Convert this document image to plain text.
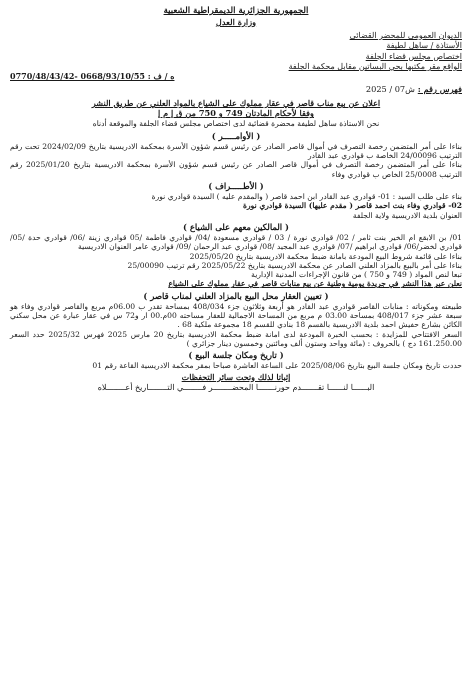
الجمهورية الجزائرية الديمقراطية الشعبية
وزارة العدل
الديوان العمومي للمحضر القضائي
الأستاذة / ساهل لطيفة
اختصاص مجلس قضاء الجلفة
الواقع مقر مكتبها بحي البساتين مقابل محكمة الجلفة
0770/48/43/42- 0668/93/10/55 : ه / ف
فهرس رقم : ش07 / 2025
اعلان عن بيع مناب قاصر في عقار مملوك على الشياع بالمواد العلني عن طريق النشر
وفقا لأحكام المادتان 749 و 750 من ق إ م إ
نحن الاستاذة ساهل لطيفة محضرة قضائية لدى اختصاص مجلس قضاء الجلفة والموقعة أدناه
( الأوامـــــر )
بناءا على أمر المتضمن رخصة التصرف في أموال قاصر الصادر عن رئيس قسم شؤون الأسرة بمحكمة الادريسية بتاريخ 2024/02/09 تحت رقم الترتيب 24/00096 الخاصة ب قوادري عبد القادر
بناءا على أمر المتضمن رخصة التصرف في أموال قاصر الصادر عن رئيس قسم شؤون الأسرة بمحكمة الادريسية بتاريخ 2025/01/20 رقم الترتيب 25/0008 الخاص ب قوادري وفاء
( الأطـــــراف )
بناء على طلب السيد : 01- قوادري عبد القادر ابن احمد قاصر ( والمقدم عليه ) السيدة قوادري نورة
02- قوادري وفاء بنت احمد قاصر ( مقدم عليها) السيدة قوادري نورة
العنوان بلدية الادريسية ولاية الجلفة
( المالكين معهم على الشياع )
01/ بن الابقع ام الخير بنت ثامر / 02/ قوادري نورة / 03 / قوادري مسعودة /04/ قوادري فاطمة /05 قوادري زينة /06/ قوادري حدة /05/ قوادري لخضر/06/ قوادري ابراهيم /07/ قوادري عبد المجيد /08/ قوادري عبد الرحمان /09/ قوادري عامر العنوان الادريسية
بناءا على قائمة شروط البيع المودعة بامانة ضبط محكمة الادريسية بتاريخ 2025/05/20
بناءا على أمر بالبيع بالمزاد العلني الصادر عن محكمة الادريسية بتاريخ 2025/05/22 رقم ترتيب 25/00090
تبعا لنص المواد ( 749 و 750 ) من قانون الإجراءات المدنية الإدارية
نعلن عبر هذا النشر في جريدة يومية وطنية عن بيع منابات قاصر في عقار مملوك على الشياع
( تعيين العقار محل البيع بالمزاد العلني لمناب قاصر )
طبيعته ومكوناته : منابات القاصر قوادري عبد القادر هو أربعة وثلاثون جزء 408/034 بمساحة تقدر ب 06.00م مربع والقاصر قوادري وفاء هو سبعة عشر جزء 408/017 بمساحة 03.00 م مربع من المساحة الاجمالية للعقار مساحته 00م.00 ار و72 س في عقار عبارة عن محل سكني الكائن بشارع حفيش احمد بلدية الادريسية بالقسم 18 بنادي للقسم 18 مجموعة ملكية 68 .
السعر الافتتاحي للمزايدة : بحسب الخبرة المودعة لدى امانة ضبط محكمة الادريسية بتاريخ 20 مارس 2025 فهرس 2025/32 حدد السعر 161.250.00 دج ) بالحروف : (مائة وواحد وستون ألف ومائتين وخمسون دينار جزائري )
( تاريخ ومكان جلسة البيع )
حددت تاريخ ومكان جلسة البيع بتاريخ 2025/08/06 على الساعة العاشرة صباحا بمقر محكمة الادريسية القاعة رقم 01
إثباتا لذلك وتحت سائر التحفظات
البــــــا لنــــــا تقـــــــدم حورنـــــــا المحضــــــــر فــــــــي التــــــــاريخ أعــــــــلاه
